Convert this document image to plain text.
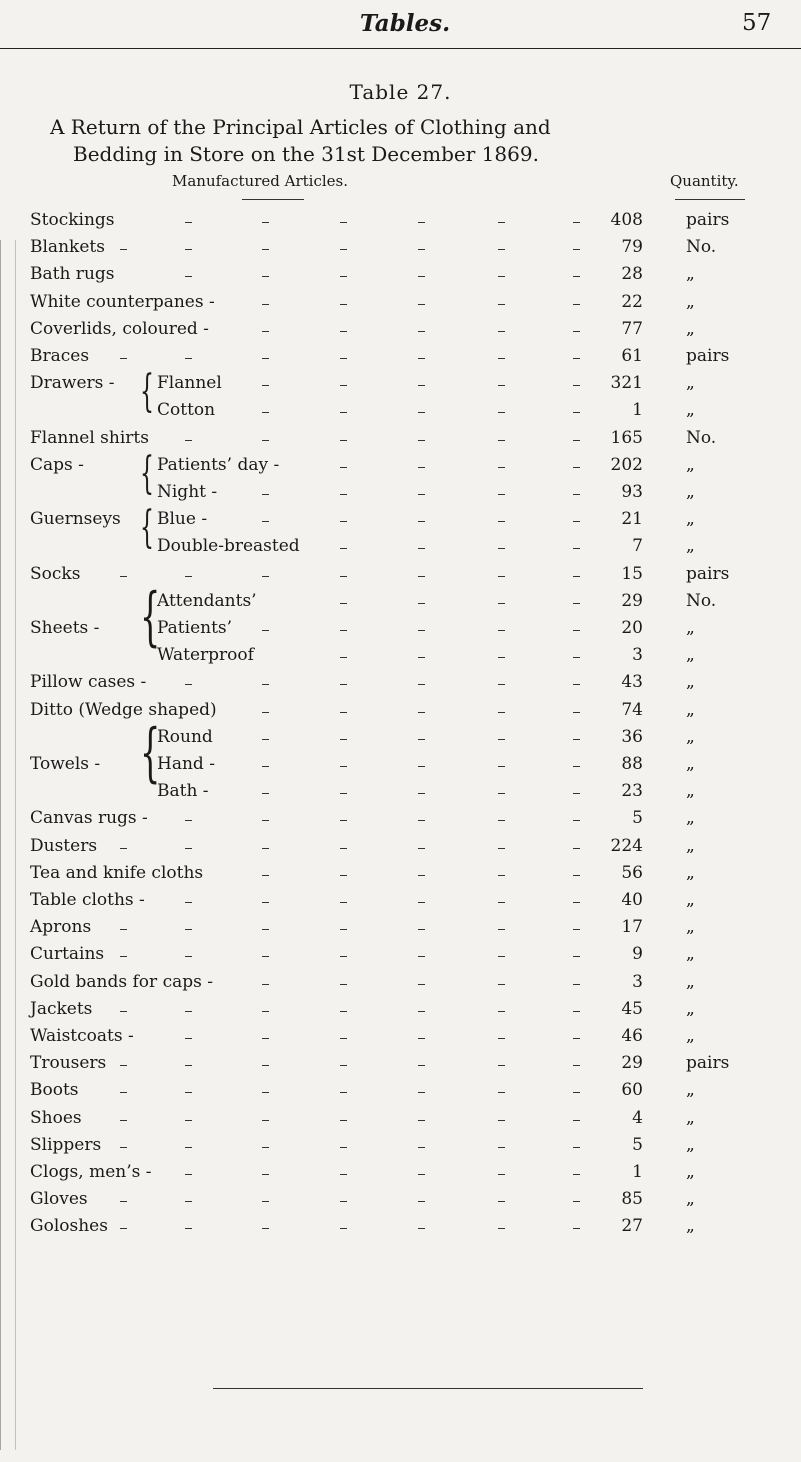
Tables.	57
Table 27.
A Return of the Principal Articles of Clothing and
Bedding in Store on the 31st December 1869.
Manufactured Articles.	Quantity.
Stockings	408	pairs
Blankets	79	No.
Bath rugs	28	„
White counterpanes -	22	„
Coverlids, coloured -	77	„
Braces	61	pairs
Drawers - Flannel	321	„
Cotton	1	„
Flannel shirts	165	No.
Caps -	Patients’ day -	202	„
Night -	93	„
Guernseys Blue -	21	„
Double-breasted	7	„
Socks	15	pairs
Attendants’	29	No.
Sheets -	Patients’	20	„
Waterproof	3	„
Pillow cases -	43	„
Ditto (Wedge shaped)	74	„
Round	36	„
Towels -	Hand -	88	„
Bath -	23	„
Canvas rugs -	5	„
Dusters	224	„
Tea and knife cloths	56	„
Table cloths -	40	„
Aprons	17	„
Curtains	9	„
Gold bands for caps -	3	„
Jackets	45	„
Waistcoats -	46	„
Trousers	29	pairs
Boots	60	„
Shoes	4	„
Slippers	5	„
Clogs, men’s -	1	„
Gloves	85	„
Goloshes	27	„
{
{
{
{
{
